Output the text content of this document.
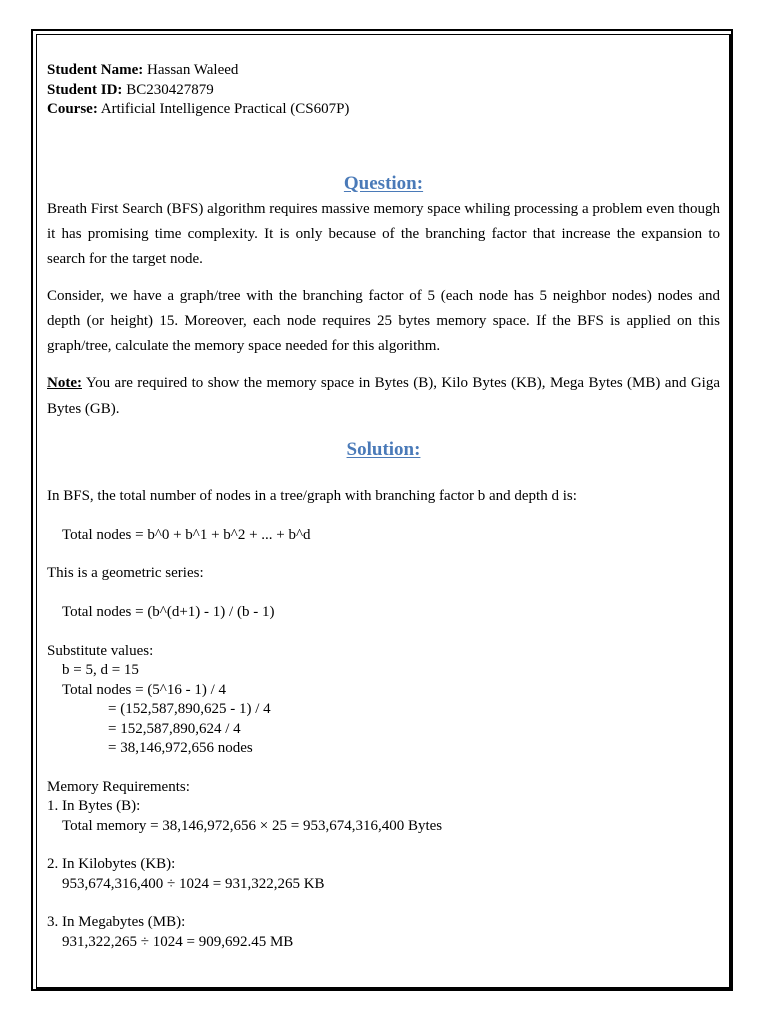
Student Name: Hassan Waleed
Student ID: BC230427879
Course: Artificial Intelligence Practical (CS607P)
Question:

Breath First Search (BFS) algorithm requires massive memory space whiling processing a problem even though it has promising time complexity. It is only because of the branching factor that increase the expansion to search for the target node.

Consider, we have a graph/tree with the branching factor of 5 (each node has 5 neighbor nodes) nodes and depth (or height) 15. Moreover, each node requires 25 bytes memory space. If the BFS is applied on this graph/tree, calculate the memory space needed for this algorithm.

Note: You are required to show the memory space in Bytes (B), Kilo Bytes (KB), Mega Bytes (MB) and Giga Bytes (GB).

Solution:
In BFS, the total number of nodes in a tree/graph with branching factor b and depth d is:
Total nodes = b^0 + b^1 + b^2 + ... + b^d
This is a geometric series:
Total nodes = (b^(d+1) - 1) / (b - 1)
Substitute values:
b = 5, d = 15
Total nodes = (5^16 - 1) / 4
= (152,587,890,625 - 1) / 4
= 152,587,890,624 / 4
= 38,146,972,656 nodes
Memory Requirements:
1. In Bytes (B):
Total memory = 38,146,972,656 × 25 = 953,674,316,400 Bytes
2. In Kilobytes (KB):
953,674,316,400 ÷ 1024 = 931,322,265 KB
3. In Megabytes (MB):
931,322,265 ÷ 1024 = 909,692.45 MB
